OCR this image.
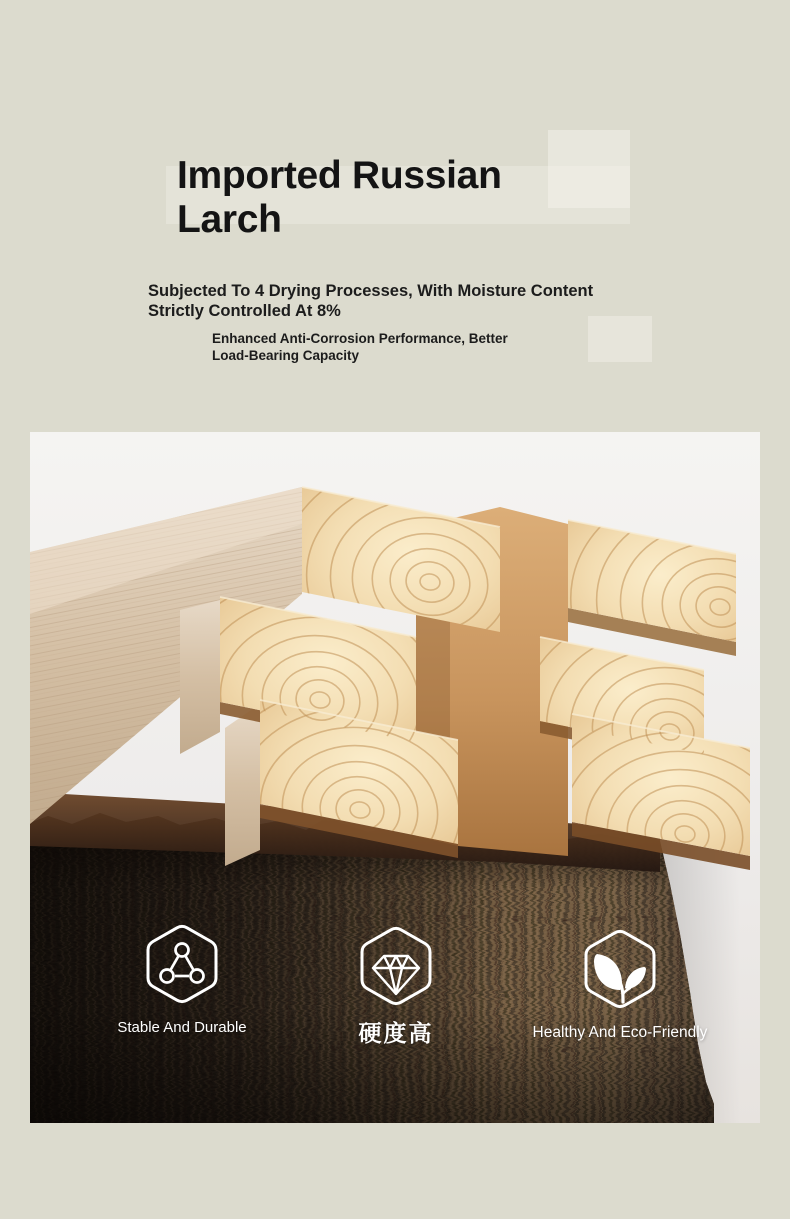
Imported Russian
Larch
Subjected To 4 Drying Processes, With Moisture Content
Strictly Controlled At 8%
Enhanced Anti-Corrosion Performance, Better
Load-Bearing Capacity
Stable And Durable	硬度高	Healthy And Eco-Friendly
